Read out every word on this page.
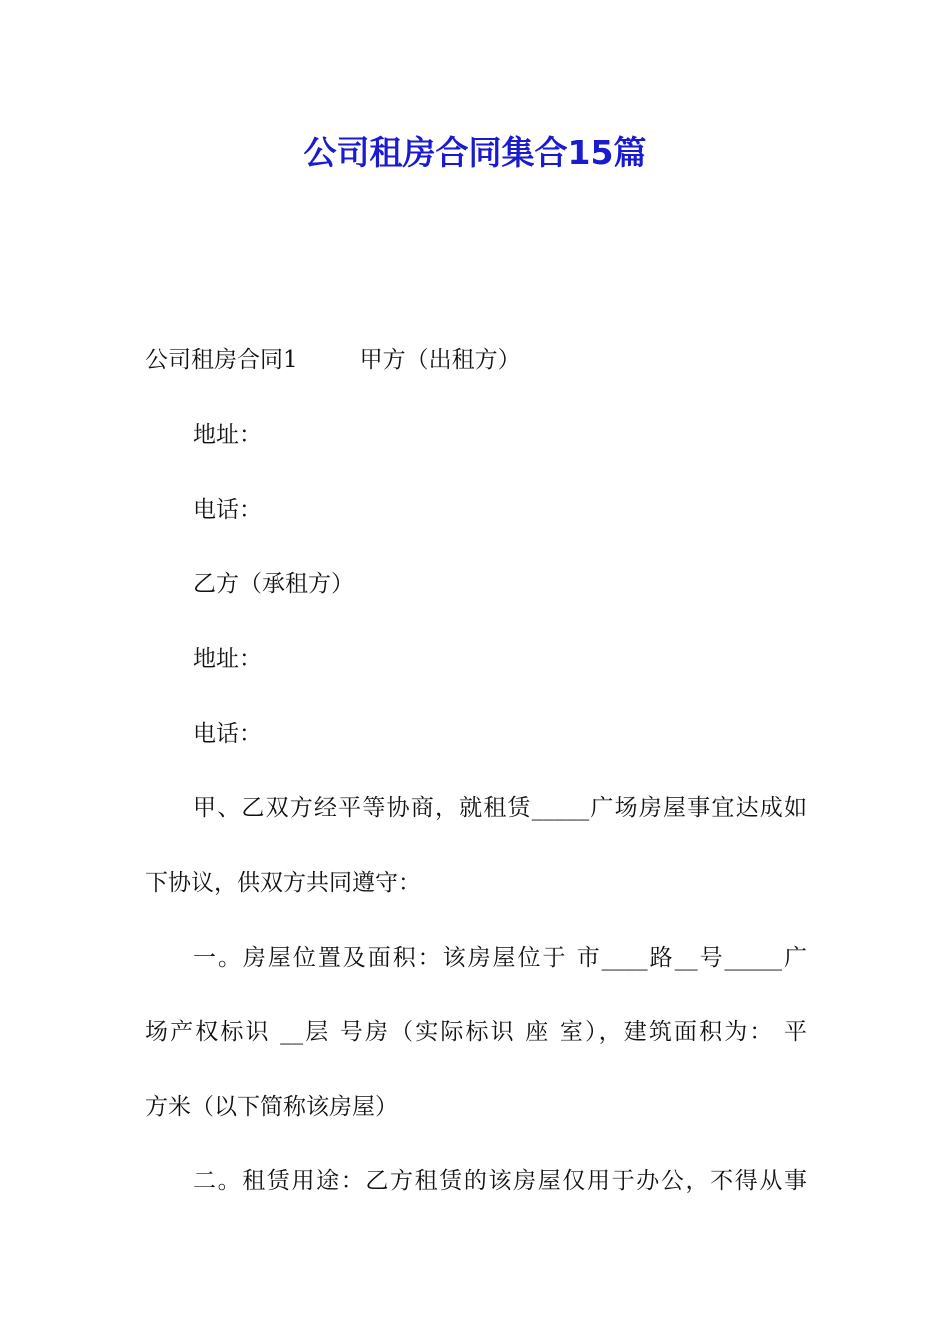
公司租房合同集合15篇

公司租房合同1	甲方（出租方）

地址：

电话：

乙方（承租方）

地址：

电话：

甲、乙双方经平等协商，就租赁_____广场房屋事宜达成如

下协议，供双方共同遵守：

一。房屋位置及面积：该房屋位于 市____路__号_____广

场产权标识 __层 号房（实际标识 座 室），建筑面积为： 平

方米（以下简称该房屋）

二。租赁用途：乙方租赁的该房屋仅用于办公，不得从事
